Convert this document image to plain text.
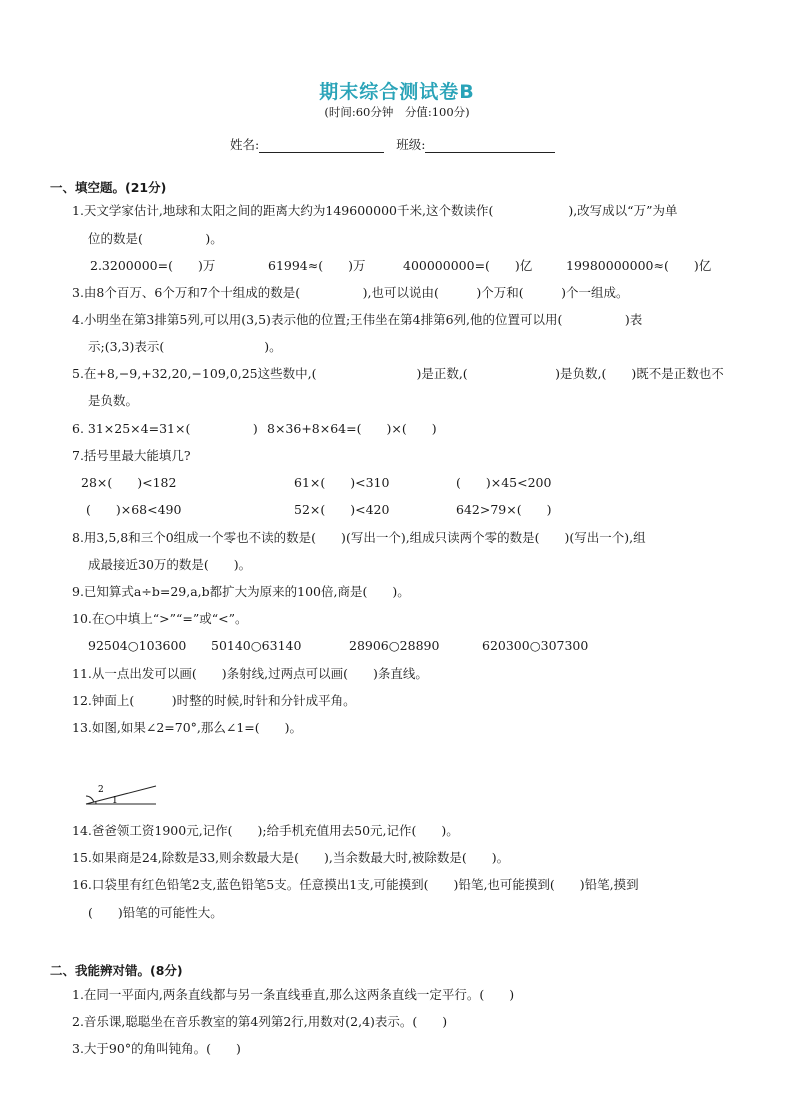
期末综合测试卷B
(时间:60分钟　分值:100分)
姓名:	班级:
一、填空题。(21分)
1.天文学家估计,地球和太阳之间的距离大约为149600000千米,这个数读作(　　　　　　),改写成以“万”为单
位的数是(　　　　　)。
2.3200000=(　　)万	61994≈(　　)万	400000000=(　　)亿	19980000000≈(　　)亿
3.由8个百万、6个万和7个十组成的数是(　　　　　),也可以说由(　　　)个万和(　　　)个一组成。
4.小明坐在第3排第5列,可以用(3,5)表示他的位置;王伟坐在第4排第6列,他的位置可以用(　　　　　)表
示;(3,3)表示(　　　　　　　　)。
5.在+8,−9,+32,20,−109,0,25这些数中,(　　　　　　　　)是正数,(　　　　　　　)是负数,(　　)既不是正数也不
是负数。
6. 31×25×4=31×(　　　　　) 8×36+8×64=(　　)×(　　)
7.括号里最大能填几?
28×(　　)<182	61×(　　)<310	(　　)×45<200
(　　)×68<490	52×(　　)<420	642>79×(　　)
8.用3,5,8和三个0组成一个零也不读的数是(　　)(写出一个),组成只读两个零的数是(　　)(写出一个),组
成最接近30万的数是(　　)。
9.已知算式a÷b=29,a,b都扩大为原来的100倍,商是(　　)。
10.在○中填上“>”“=”或“<”。
92504○103600 50140○63140	28906○28890	620300○307300
11.从一点出发可以画(　　)条射线,过两点可以画(　　)条直线。
12.钟面上(　　　)时整的时候,时针和分针成平角。
13.如图,如果∠2=70°,那么∠1=(　　)。
2
1
14.爸爸领工资1900元,记作(　　);给手机充值用去50元,记作(　　)。
15.如果商是24,除数是33,则余数最大是(　　),当余数最大时,被除数是(　　)。
16.口袋里有红色铅笔2支,蓝色铅笔5支。任意摸出1支,可能摸到(　　)铅笔,也可能摸到(　　)铅笔,摸到
(　　)铅笔的可能性大。
二、我能辨对错。(8分)
1.在同一平面内,两条直线都与另一条直线垂直,那么这两条直线一定平行。(　　)
2.音乐课,聪聪坐在音乐教室的第4列第2行,用数对(2,4)表示。(　　)
3.大于90°的角叫钝角。(　　)
